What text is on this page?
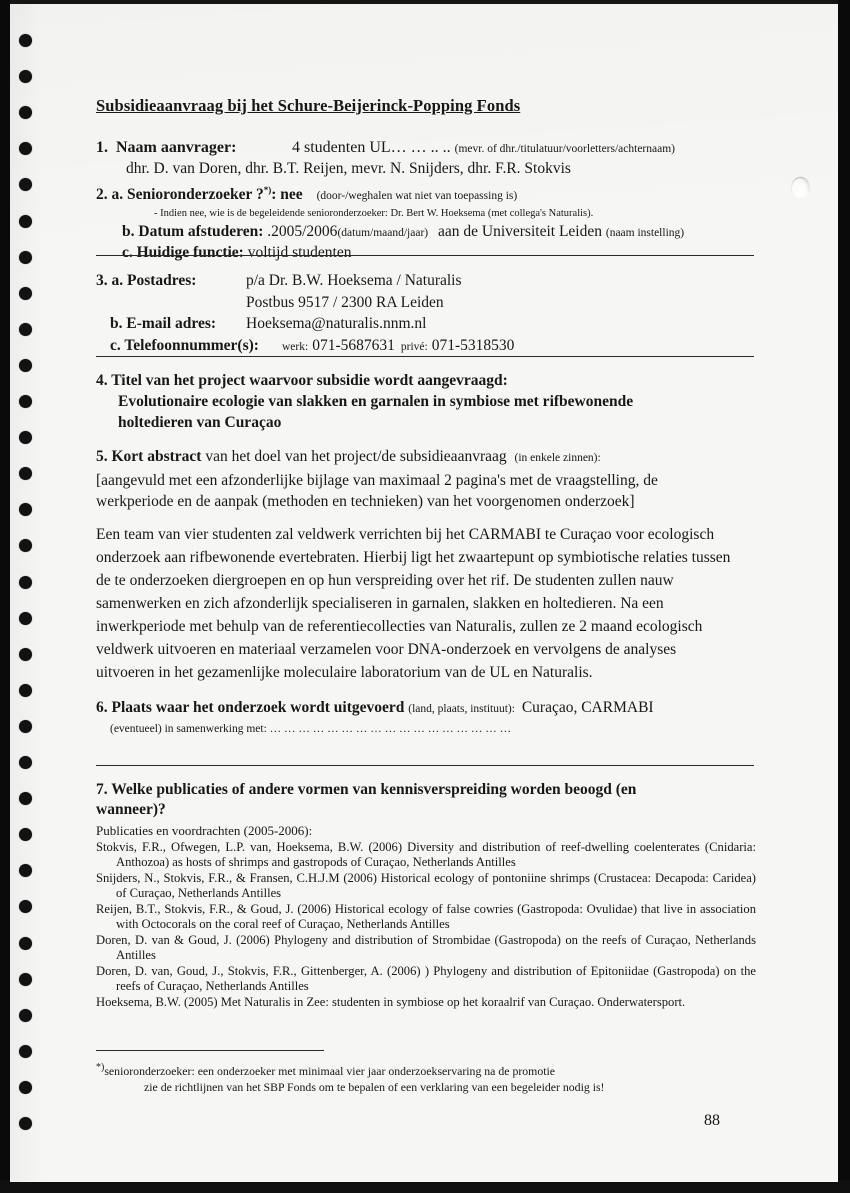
Subsidieaanvraag bij het Schure-Beijerinck-Popping Fonds
1. Naam aanvrager:	4 studenten UL… … .. .. (mevr. of dhr./titulatuur/voorletters/achternaam)
dhr. D. van Doren, dhr. B.T. Reijen, mevr. N. Snijders, dhr. F.R. Stokvis
2. a. Senioronderzoeker ?*): nee (door-/weghalen wat niet van toepassing is)
- Indien nee, wie is de begeleidende senioronderzoeker: Dr. Bert W. Hoeksema (met collega's Naturalis).
b. Datum afstuderen: .2005/2006(datum/maand/jaar) aan de Universiteit Leiden (naam instelling)
c. Huidige functie: voltijd studenten
3. a. Postadres:	p/a Dr. B.W. Hoeksema / Naturalis
Postbus 9517 / 2300 RA Leiden
b. E-mail adres:	Hoeksema@naturalis.nnm.nl
c. Telefoonnummer(s):	werk: 071-5687631 privé: 071-5318530
4. Titel van het project waarvoor subsidie wordt aangevraagd:
Evolutionaire ecologie van slakken en garnalen in symbiose met rifbewonende
holtedieren van Curaçao
5. Kort abstract van het doel van het project/de subsidieaanvraag (in enkele zinnen):
[aangevuld met een afzonderlijke bijlage van maximaal 2 pagina's met de vraagstelling, de
werkperiode en de aanpak (methoden en technieken) van het voorgenomen onderzoek]
Een team van vier studenten zal veldwerk verrichten bij het CARMABI te Curaçao voor ecologisch onderzoek aan rifbewonende evertebraten. Hierbij ligt het zwaartepunt op symbiotische relaties tussen de te onderzoeken diergroepen en op hun verspreiding over het rif. De studenten zullen nauw samenwerken en zich afzonderlijk specialiseren in garnalen, slakken en holtedieren. Na een inwerkperiode met behulp van de referentiecollecties van Naturalis, zullen ze 2 maand ecologisch veldwerk uitvoeren en materiaal verzamelen voor DNA-onderzoek en vervolgens de analyses uitvoeren in het gezamenlijke moleculaire laboratorium van de UL en Naturalis.
6. Plaats waar het onderzoek wordt uitgevoerd (land, plaats, instituut): Curaçao, CARMABI
(eventueel) in samenwerking met: … … … … … … … … … … … … … … … … …
7. Welke publicaties of andere vormen van kennisverspreiding worden beoogd (en
wanneer)?
Publicaties en voordrachten (2005-2006):
Stokvis, F.R., Ofwegen, L.P. van, Hoeksema, B.W. (2006) Diversity and distribution of reef-dwelling coelenterates (Cnidaria: Anthozoa) as hosts of shrimps and gastropods of Curaçao, Netherlands Antilles
Snijders, N., Stokvis, F.R., & Fransen, C.H.J.M (2006) Historical ecology of pontoniine shrimps (Crustacea: Decapoda: Caridea) of Curaçao, Netherlands Antilles
Reijen, B.T., Stokvis, F.R., & Goud, J. (2006) Historical ecology of false cowries (Gastropoda: Ovulidae) that live in association with Octocorals on the coral reef of Curaçao, Netherlands Antilles
Doren, D. van & Goud, J. (2006) Phylogeny and distribution of Strombidae (Gastropoda) on the reefs of Curaçao, Netherlands Antilles
Doren, D. van, Goud, J., Stokvis, F.R., Gittenberger, A. (2006) ) Phylogeny and distribution of Epitoniidae (Gastropoda) on the reefs of Curaçao, Netherlands Antilles
Hoeksema, B.W. (2005) Met Naturalis in Zee: studenten in symbiose op het koraalrif van Curaçao. Onderwatersport.
*)senioronderzoeker: een onderzoeker met minimaal vier jaar onderzoekservaring na de promotie
zie de richtlijnen van het SBP Fonds om te bepalen of een verklaring van een begeleider nodig is!
88
